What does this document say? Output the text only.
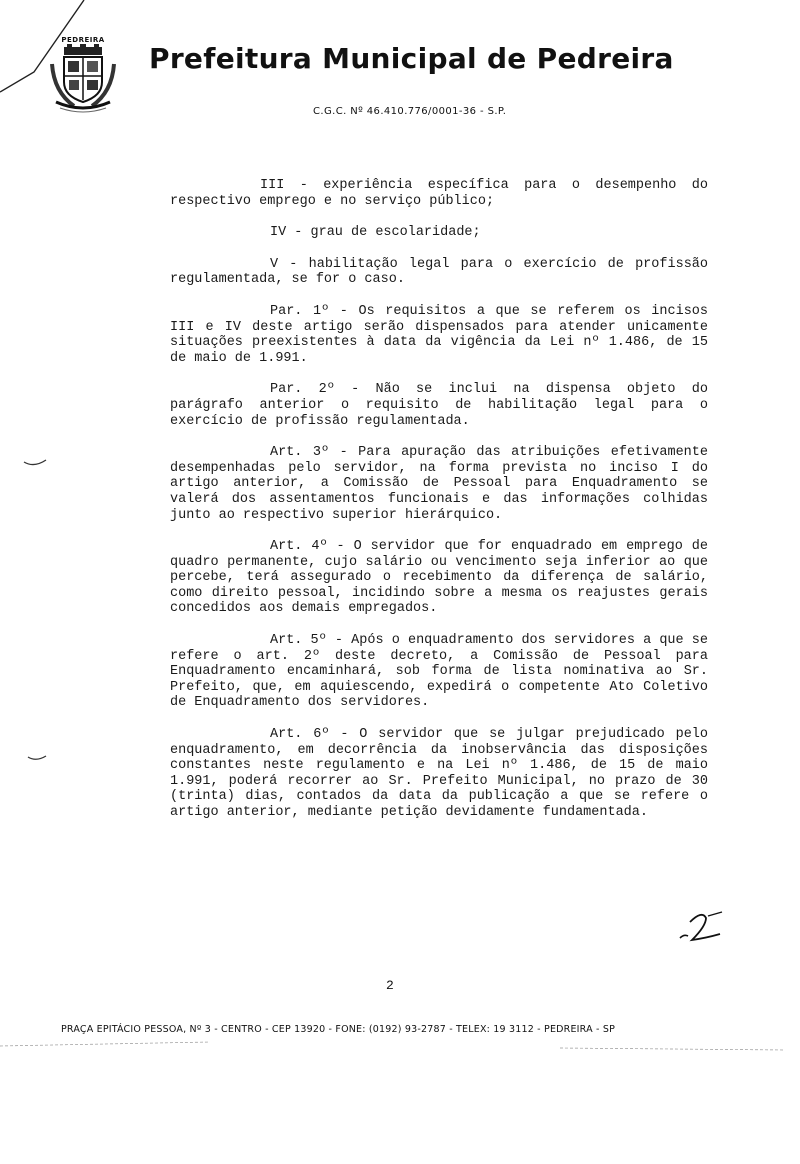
PEDREIRA
Prefeitura Municipal de Pedreira
C.G.C. Nº 46.410.776/0001-36 - S.P.

III - experiência específica para o desempenho do respectivo emprego e no serviço público;

IV - grau de escolaridade;

V - habilitação legal para o exercício de profissão regulamentada, se for o caso.

Par. 1º - Os requisitos a que se referem os incisos III e IV deste artigo serão dispensados para atender unicamente situações preexistentes à data da vigência da Lei nº 1.486, de 15 de maio de 1.991.

Par. 2º - Não se inclui na dispensa objeto do parágrafo anterior o requisito de habilitação legal para o exercício de profissão regulamentada.

Art. 3º - Para apuração das atribuições efetivamente desempenhadas pelo servidor, na forma prevista no inciso I do artigo anterior, a Comissão de Pessoal para Enquadramento se valerá dos assentamentos funcionais e das informações colhidas junto ao respectivo superior hierárquico.

Art. 4º - O servidor que for enquadrado em emprego de quadro permanente, cujo salário ou vencimento seja inferior ao que percebe, terá assegurado o recebimento da diferença de salário, como direito pessoal, incidindo sobre a mesma os reajustes gerais concedidos aos demais empregados.

Art. 5º - Após o enquadramento dos servidores a que se refere o art. 2º deste decreto, a Comissão de Pessoal para Enquadramento encaminhará, sob forma de lista nominativa ao Sr. Prefeito, que, em aquiescendo, expedirá o competente Ato Coletivo de Enquadramento dos servidores.

Art. 6º - O servidor que se julgar prejudicado pelo enquadramento, em decorrência da inobservância das disposições constantes neste regulamento e na Lei nº 1.486, de 15 de maio 1.991, poderá recorrer ao Sr. Prefeito Municipal, no prazo de 30 (trinta) dias, contados da data da publicação a que se refere o artigo anterior, mediante petição devidamente fundamentada.

2
PRAÇA EPITÁCIO PESSOA, Nº 3 - CENTRO - CEP 13920 - FONE: (0192) 93-2787 - TELEX: 19 3112 - PEDREIRA - SP
